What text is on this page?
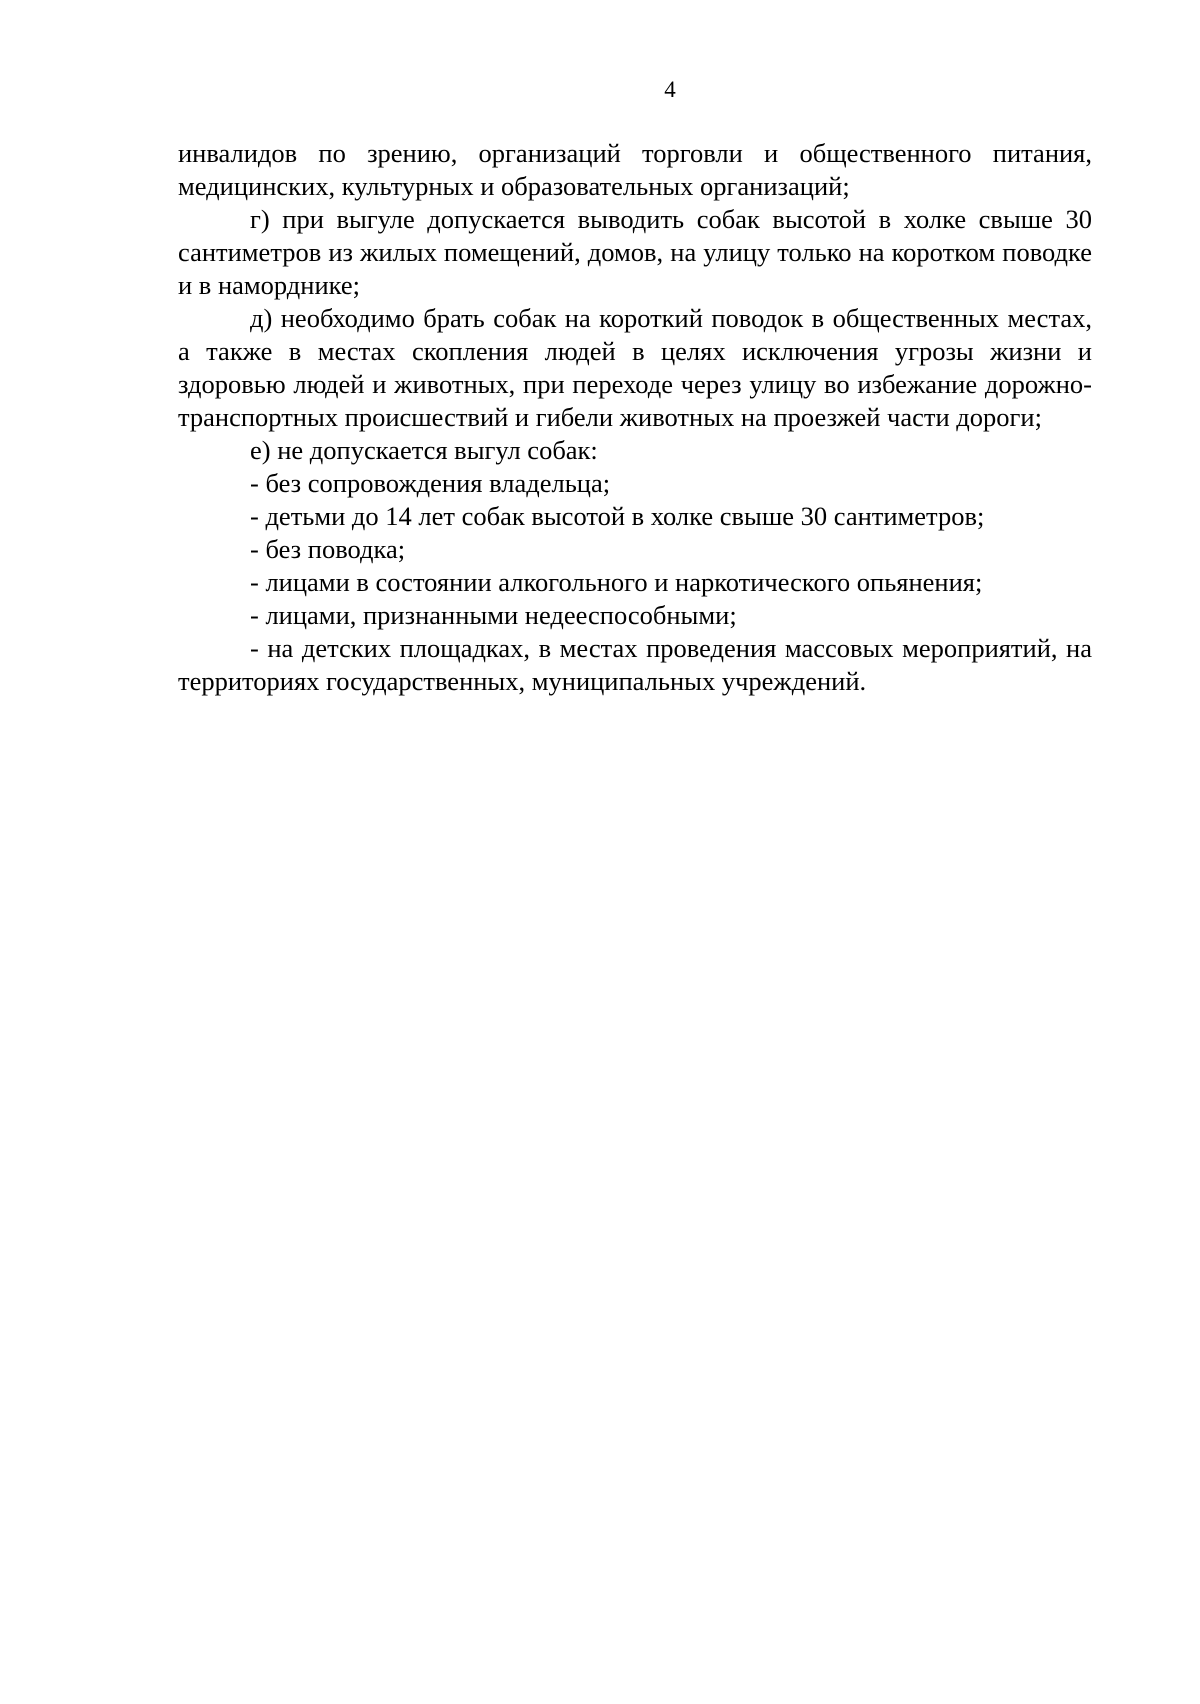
4

инвалидов по зрению, организаций торговли и общественного питания, медицинских, культурных и образовательных организаций;

г) при выгуле допускается выводить собак высотой в холке свыше 30 сантиметров из жилых помещений, домов, на улицу только на коротком поводке и в наморднике;

д) необходимо брать собак на короткий поводок в общественных местах, а также в местах скопления людей в целях исключения угрозы жизни и здоровью людей и животных, при переходе через улицу во избежание дорожно-транспортных происшествий и гибели животных на проезжей части дороги;

е) не допускается выгул собак:

- без сопровождения владельца;

- детьми до 14 лет собак высотой в холке свыше 30 сантиметров;

- без поводка;

- лицами в состоянии алкогольного и наркотического опьянения;

- лицами, признанными недееспособными;

- на детских площадках, в местах проведения массовых мероприятий, на территориях государственных, муниципальных учреждений.
